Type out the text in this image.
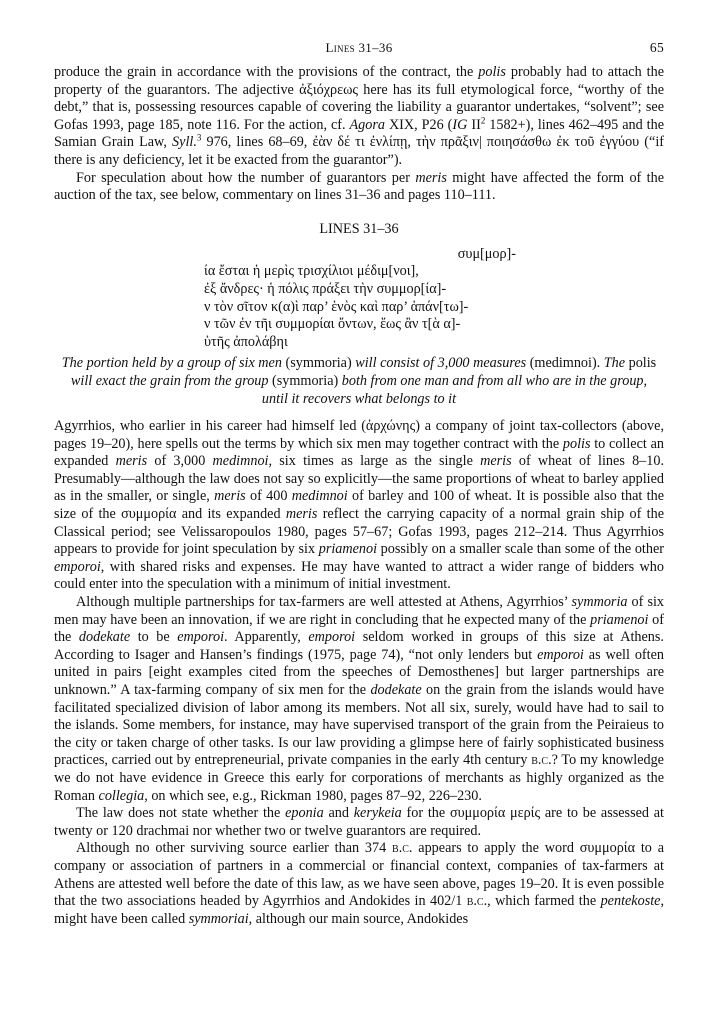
Lines 31–36	65

produce the grain in accordance with the provisions of the contract, the polis probably had to attach the property of the guarantors. The adjective ἀξιόχρεως here has its full etymological force, “worthy of the debt,” that is, possessing resources capable of covering the liability a guarantor undertakes, “solvent”; see Gofas 1993, page 185, note 116. For the action, cf. Agora XIX, P26 (IG $II^2$ 1582+), lines 462–495 and the Samian Grain Law, Syll.$^3$ 976, lines 68–69, ἐὰν δέ τι ἐνλίπῃ, τὴν πρᾶξιν| ποιησάσθω ἐκ τοῦ ἐγγύου (“if there is any deficiency, let it be exacted from the guarantor”).

For speculation about how the number of guarantors per meris might have affected the form of the auction of the tax, see below, commentary on lines 31–36 and pages 110–111.

LINES 31–36
συμ[μορ]-
ία ἔσται ἡ μερὶς τρισχίλιοι μέδιμ[νοι],
ἐξ ἄνδρες· ἡ πόλις πράξει τὴν συμμορ[ία]-
ν τὸν σῖτον κ(α)ὶ παρ’ ἑνὸς καὶ παρ’ ἁπάν[τω]-
ν τῶν ἐν τῆι συμμορίαι ὄντων, ἕως ἂν τ[ὰ α]-
ὑτῆς ἀπολάβηι
The portion held by a group of six men (symmoria) will consist of 3,000 measures (medimnoi). The polis will exact the grain from the group (symmoria) both from one man and from all who are in the group, until it recovers what belongs to it

Agyrrhios, who earlier in his career had himself led (ἀρχώνης) a company of joint tax-collectors (above, pages 19–20), here spells out the terms by which six men may together contract with the polis to collect an expanded meris of 3,000 medimnoi, six times as large as the single meris of wheat of lines 8–10. Presumably—although the law does not say so explicitly—the same proportions of wheat to barley applied as in the smaller, or single, meris of 400 medimnoi of barley and 100 of wheat. It is possible also that the size of the συμμορία and its expanded meris reflect the carrying capacity of a normal grain ship of the Classical period; see Velissaropoulos 1980, pages 57–67; Gofas 1993, pages 212–214. Thus Agyrrhios appears to provide for joint speculation by six priamenoi possibly on a smaller scale than some of the other emporoi, with shared risks and expenses. He may have wanted to attract a wider range of bidders who could enter into the speculation with a minimum of initial investment.

Although multiple partnerships for tax-farmers are well attested at Athens, Agyrrhios’ symmoria of six men may have been an innovation, if we are right in concluding that he expected many of the priamenoi of the dodekate to be emporoi. Apparently, emporoi seldom worked in groups of this size at Athens. According to Isager and Hansen’s findings (1975, page 74), “not only lenders but emporoi as well often united in pairs [eight examples cited from the speeches of Demosthenes] but larger partnerships are unknown.” A tax-farming company of six men for the dodekate on the grain from the islands would have facilitated specialized division of labor among its members. Not all six, surely, would have had to sail to the islands. Some members, for instance, may have supervised transport of the grain from the Peiraieus to the city or taken charge of other tasks. Is our law providing a glimpse here of fairly sophisticated business practices, carried out by entrepreneurial, private companies in the early 4th century b.c.? To my knowledge we do not have evidence in Greece this early for corporations of merchants as highly organized as the Roman collegia, on which see, e.g., Rickman 1980, pages 87–92, 226–230.

The law does not state whether the eponia and kerykeia for the συμμορία μερίς are to be assessed at twenty or 120 drachmai nor whether two or twelve guarantors are required.

Although no other surviving source earlier than 374 b.c. appears to apply the word συμμορία to a company or association of partners in a commercial or financial context, companies of tax-farmers at Athens are attested well before the date of this law, as we have seen above, pages 19–20. It is even possible that the two associations headed by Agyrrhios and Andokides in 402/1 b.c., which farmed the pentekoste, might have been called symmoriai, although our main source, Andokides
